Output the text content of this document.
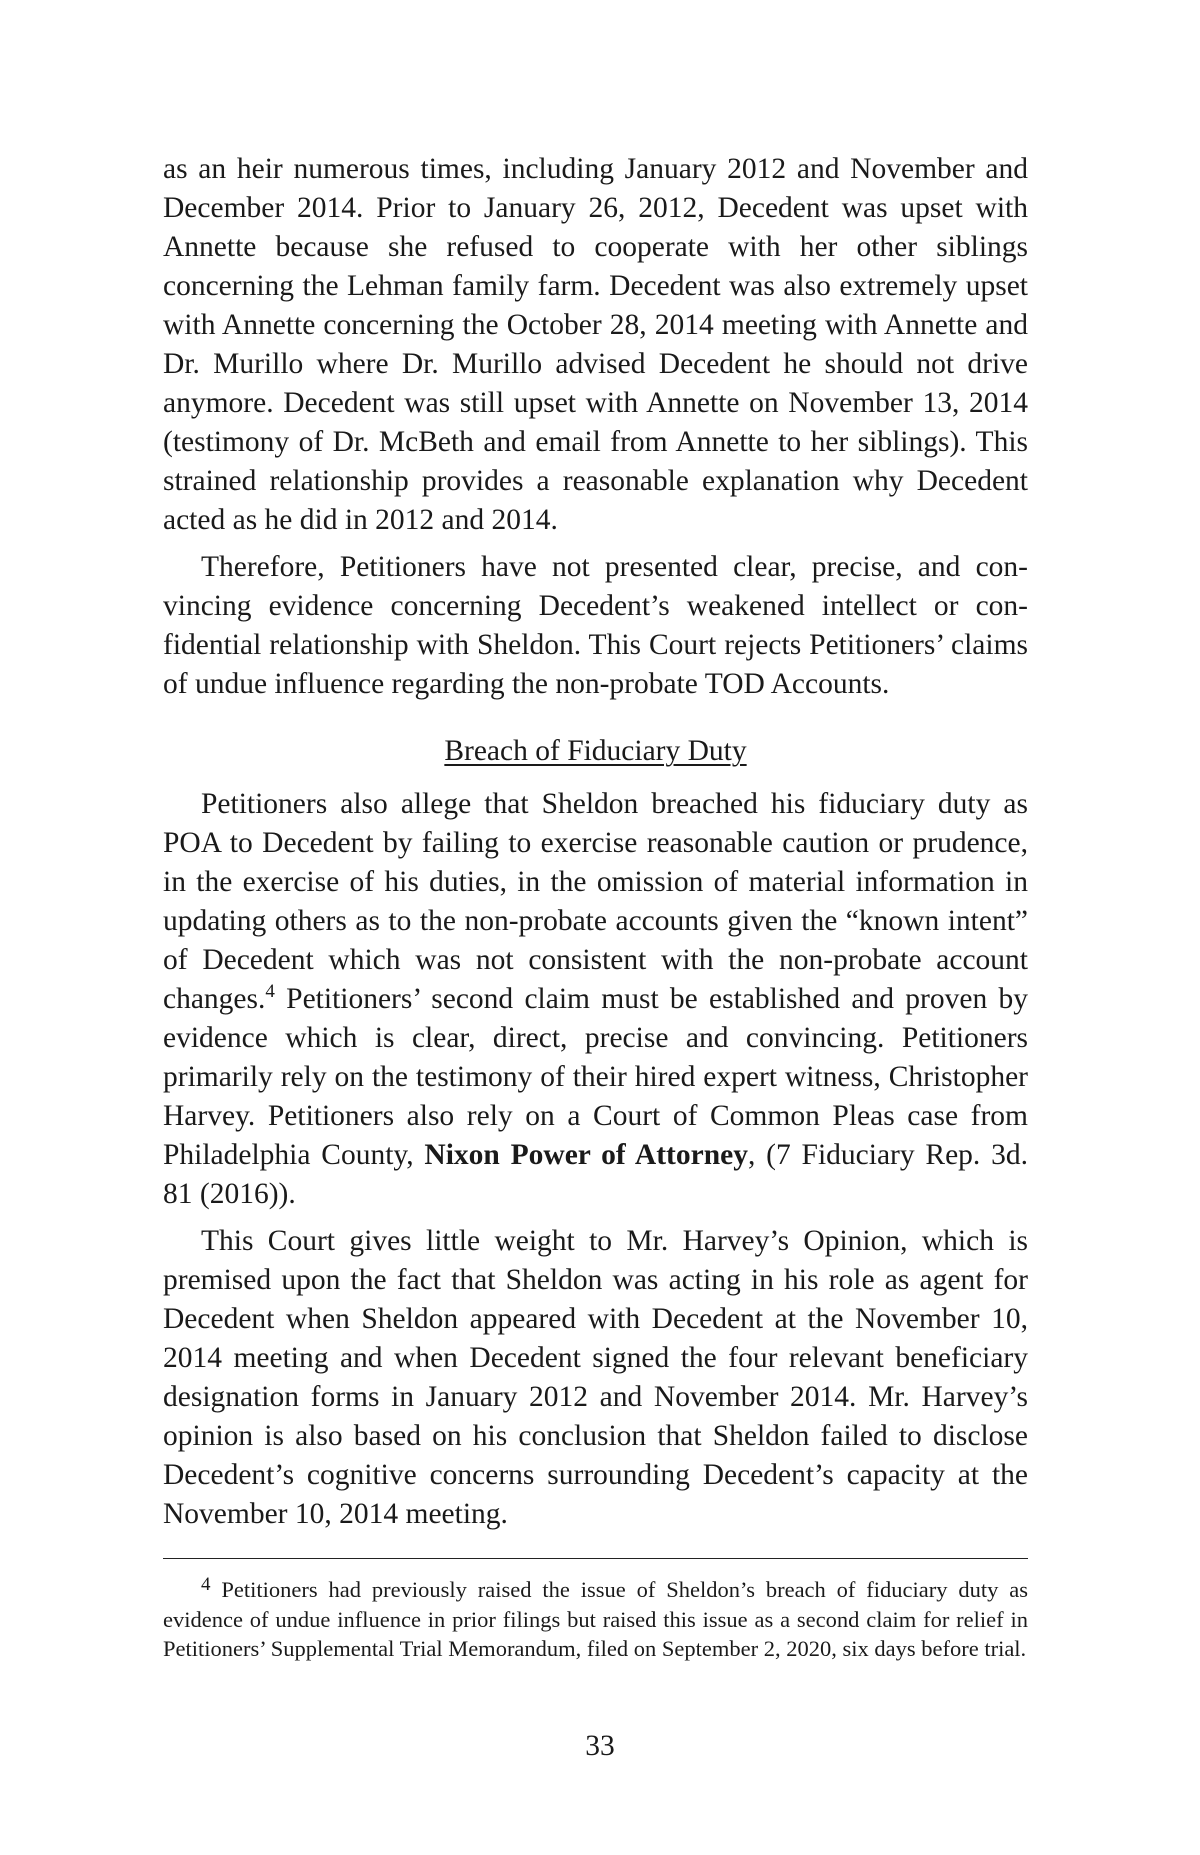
as an heir numerous times, including January 2012 and November and December 2014. Prior to January 26, 2012, Decedent was upset with Annette because she refused to cooperate with her other siblings concerning the Lehman family farm. Decedent was also extremely upset with Annette concerning the October 28, 2014 meeting with Annette and Dr. Murillo where Dr. Murillo advised Decedent he should not drive anymore. Decedent was still upset with Annette on November 13, 2014 (testimony of Dr. McBeth and email from Annette to her siblings). This strained relationship provides a reasonable explanation why Decedent acted as he did in 2012 and 2014.

Therefore, Petitioners have not presented clear, precise, and convincing evidence concerning Decedent’s weakened intellect or confidential relationship with Sheldon. This Court rejects Petitioners’ claims of undue influence regarding the non-probate TOD Accounts.

Breach of Fiduciary Duty

Petitioners also allege that Sheldon breached his fiduciary duty as POA to Decedent by failing to exercise reasonable caution or prudence, in the exercise of his duties, in the omission of material information in updating others as to the non-probate accounts given the “known intent” of Decedent which was not consistent with the non-probate account changes.$^4$ Petitioners’ second claim must be established and proven by evidence which is clear, direct, precise and convincing. Petitioners primarily rely on the testimony of their hired expert witness, Christopher Harvey. Petitioners also rely on a Court of Common Pleas case from Philadelphia County, Nixon Power of Attorney, (7 Fiduciary Rep. 3d. 81 (2016)).

This Court gives little weight to Mr. Harvey’s Opinion, which is premised upon the fact that Sheldon was acting in his role as agent for Decedent when Sheldon appeared with Decedent at the November 10, 2014 meeting and when Decedent signed the four relevant beneficiary designation forms in January 2012 and November 2014. Mr. Harvey’s opinion is also based on his conclusion that Sheldon failed to disclose Decedent’s cognitive concerns surrounding Decedent’s capacity at the November 10, 2014 meeting.

$^4$ Petitioners had previously raised the issue of Sheldon’s breach of fiduciary duty as evidence of undue influence in prior filings but raised this issue as a second claim for relief in Petitioners’ Supplemental Trial Memorandum, filed on September 2, 2020, six days before trial.

33
